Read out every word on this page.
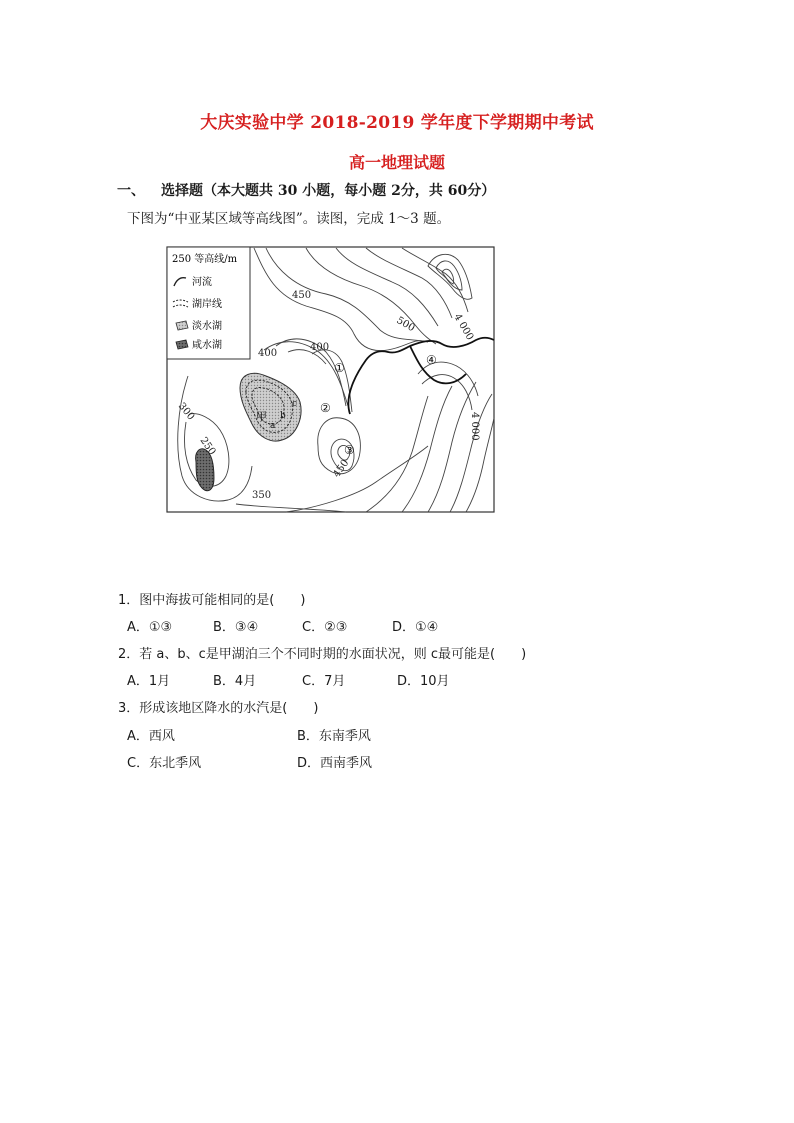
大庆实验中学 2018-2019 学年度下学期期中考试
高一地理试题
一、 选择题（本大题共 30 小题，每小题 2分，共 60分）
下图为“中亚某区域等高线图”。读图，完成 1～3 题。
250 等高线/m
河流
湖岸线
淡水湖
咸水湖
450
500	4 000
400
400
300
250
450
350
4 000
①
②
③
④
甲
a
b
c
1．图中海拔可能相同的是(　　)
A．①③	B．③④	C．②③	D．①④
2．若 a、b、c是甲湖泊三个不同时期的水面状况，则 c最可能是(　　)
A．1月	B．4月	C．7月	D．10月
3．形成该地区降水的水汽是(　　)
A．西风	B．东南季风
C．东北季风	D．西南季风
